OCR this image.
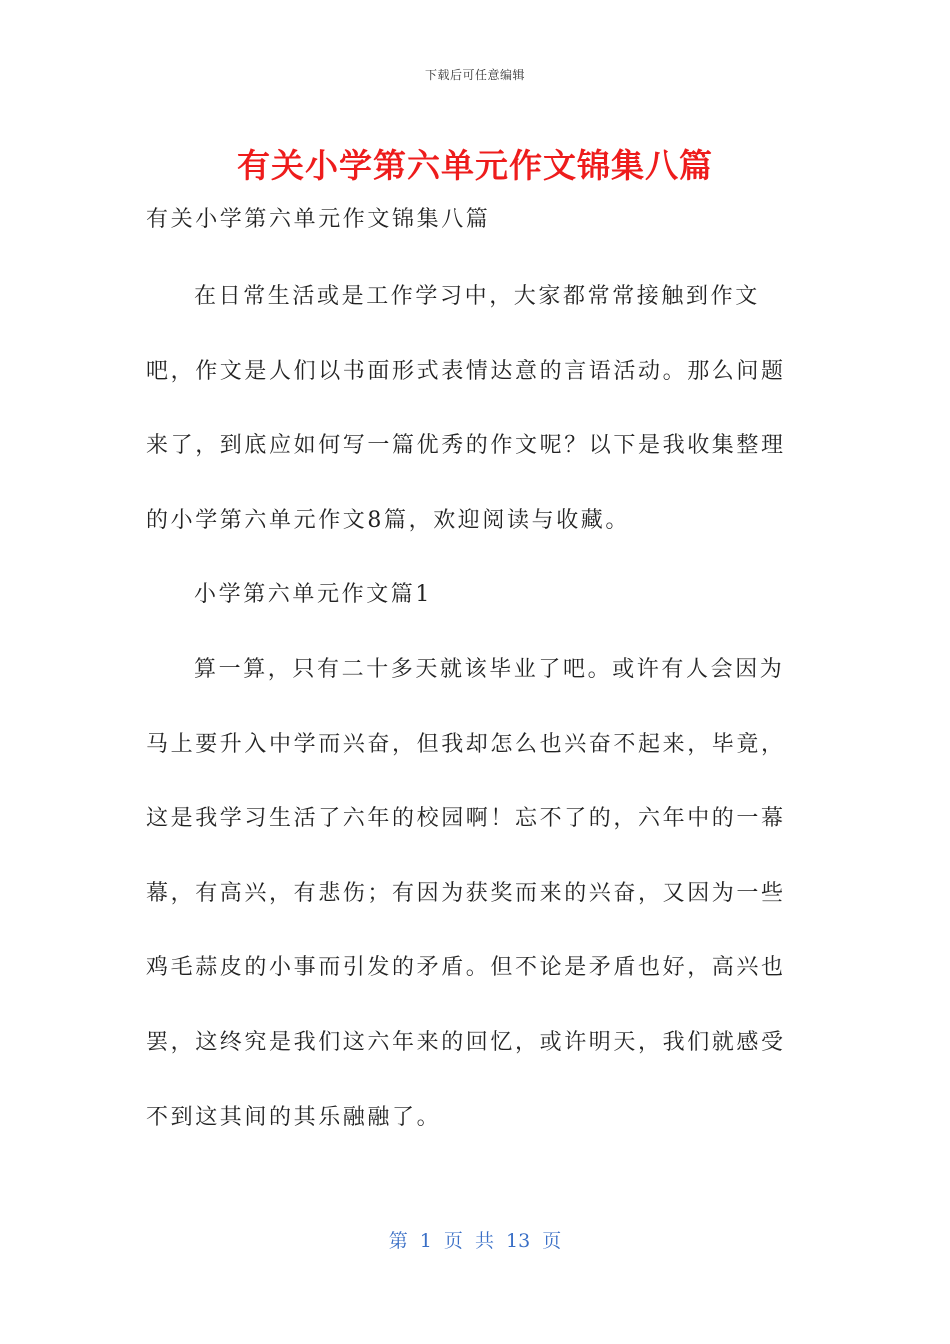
下载后可任意编辑
有关小学第六单元作文锦集八篇
有关小学第六单元作文锦集八篇

在日常生活或是工作学习中，大家都常常接触到作文吧，作文是人们以书面形式表情达意的言语活动。那么问题来了，到底应如何写一篇优秀的作文呢？以下是我收集整理的小学第六单元作文8篇，欢迎阅读与收藏。

小学第六单元作文篇1

算一算，只有二十多天就该毕业了吧。或许有人会因为马上要升入中学而兴奋，但我却怎么也兴奋不起来，毕竟，这是我学习生活了六年的校园啊！忘不了的，六年中的一幕幕，有高兴，有悲伤；有因为获奖而来的兴奋，又因为一些鸡毛蒜皮的小事而引发的矛盾。但不论是矛盾也好，高兴也罢，这终究是我们这六年来的回忆，或许明天，我们就感受不到这其间的其乐融融了。

第 1 页 共 13 页
